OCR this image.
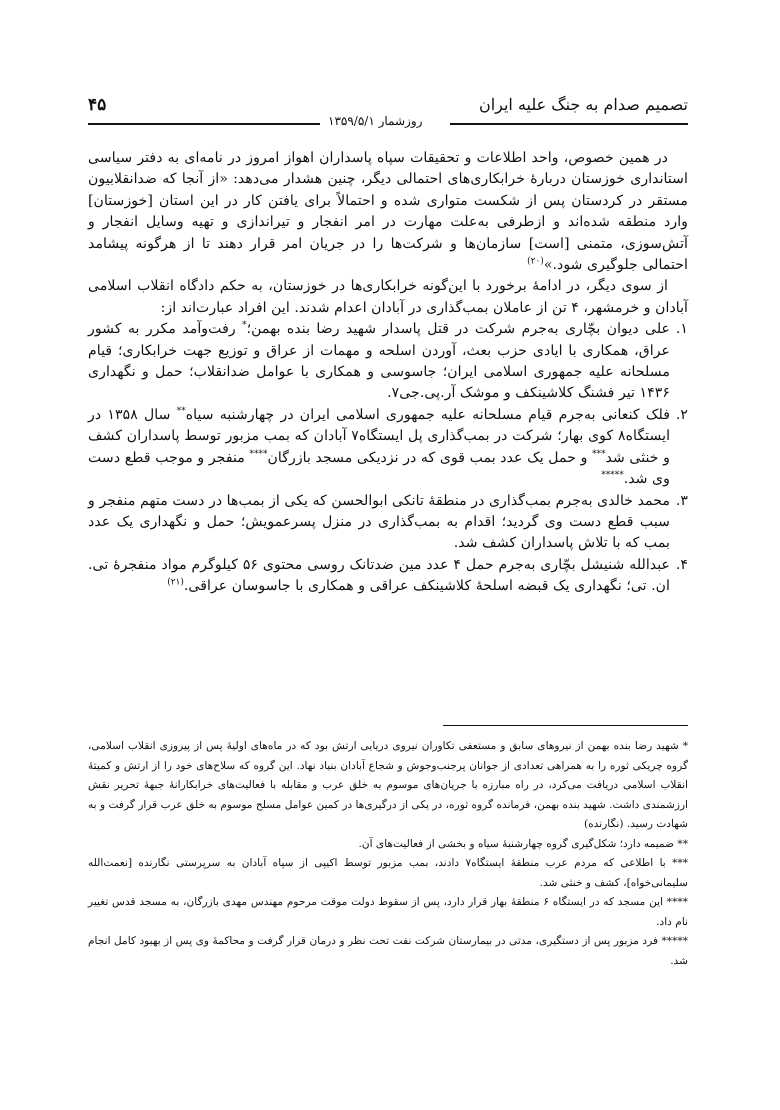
۴۵	تصمیم صدام به جنگ علیه ایران
روزشمار ۱۳۵۹/۵/۱

در همین خصوص، واحد اطلاعات و تحقیقات سپاه پاسداران اهواز امروز در نامه‌ای به دفتر سیاسی استانداری خوزستان دربارهٔ خرابکاری‌های احتمالی دیگر، چنین هشدار می‌دهد: «از آنجا که ضدانقلابیون مستقر در کردستان پس از شکست متواری شده و احتمالاً برای یافتن کار در این استان [خوزستان] وارد منطقه شده‌اند و ازطرفی به‌علت مهارت در امر انفجار و تیراندازی و تهیه وسایل انفجار و آتش‌سوزی، متمنی [است] سازمان‌ها و شرکت‌ها را در جریان امر قرار دهند تا از هرگونه پیشامد احتمالی جلوگیری شود.»$^{(۲۰)}$

از سوی دیگر، در ادامهٔ برخورد با این‌گونه خرابکاری‌ها در خوزستان، به حکم دادگاه انقلاب اسلامی آبادان و خرمشهر، ۴ تن از عاملان بمب‌گذاری در آبادان اعدام شدند. این افراد عبارت‌اند از:

۱.
علی دیوان بچّاری به‌جرم شرکت در قتل پاسدار شهید رضا بنده بهمن؛* رفت‌وآمد مکرر به کشور عراق، همکاری با ایادی حزب بعث، آوردن اسلحه و مهمات از عراق و توزیع جهت خرابکاری؛ قیام مسلحانه علیه جمهوری اسلامی ایران؛ جاسوسی و همکاری با عوامل ضدانقلاب؛ حمل و نگهداری ۱۴۳۶ تیر فشنگ کلاشینکف و موشک آر.پی.جی۷.
۲.
فلک کنعانی به‌جرم قیام مسلحانه علیه جمهوری اسلامی ایران در چهارشنبه سیاه** سال ۱۳۵۸ در ایستگاه۸ کوی بهار؛ شرکت در بمب‌گذاری پل ایستگاه۷ آبادان که بمب مزبور توسط پاسداران کشف و خنثی شد*** و حمل یک عدد بمب قوی که در نزدیکی مسجد بازرگان**** منفجر و موجب قطع دست وی شد.*****
۳.
محمد خالدی به‌جرم بمب‌گذاری در منطقهٔ تانکی ابوالحسن که یکی از بمب‌ها در دست متهم منفجر و سبب قطع دست وی گردید؛ اقدام به بمب‌گذاری در منزل پسرعمویش؛ حمل و نگهداری یک عدد بمب که با تلاش پاسداران کشف شد.
۴.
عبدالله شنیشل بچّاری به‌جرم حمل ۴ عدد مین ضدتانک روسی محتوی ۵۶ کیلوگرم مواد منفجرهٔ تی. ان. تی؛ نگهداری یک قبضه اسلحهٔ کلاشینکف عراقی و همکاری با جاسوسان عراقی.$^{(۲۱)}$

* شهید رضا بنده بهمن از نیروهای سابق و مستعفی تکاوران نیروی دریایی ارتش بود که در ماه‌های اولیهٔ پس از پیروزی انقلاب اسلامی، گروه چریکی ثوره را به همراهی تعدادی از جوانان پرجنب‌وجوش و شجاع آبادان بنیاد نهاد. این گروه که سلاح‌های خود را از ارتش و کمیتهٔ انقلاب اسلامی دریافت می‌کرد، در راه مبارزه با جریان‌های موسوم به خلق عرب و مقابله با فعالیت‌های خرابکارانهٔ جبههٔ تحریر نقش ارزشمندی داشت. شهید بنده بهمن، فرمانده گروه ثوره، در یکی از درگیری‌ها در کمین عوامل مسلح موسوم به خلق عرب قرار گرفت و به شهادت رسید. (نگارنده)

** ضمیمه دارد؛ شکل‌گیری گروه چهارشنبهٔ سیاه و بخشی از فعالیت‌های آن.

*** با اطلاعی که مردم عرب منطقهٔ ایستگاه۷ دادند، بمب مزبور توسط اکیپی از سپاه آبادان به سرپرستی نگارنده [نعمت‌الله سلیمانی‌خواه]، کشف و خنثی شد.

**** این مسجد که در ایستگاه ۶ منطقهٔ بهار قرار دارد، پس از سقوط دولت موقت مرحوم مهندس مهدی بازرگان، به مسجد قدس تغییر نام داد.

***** فرد مزبور پس از دستگیری، مدتی در بیمارستان شرکت نفت تحت نظر و درمان قرار گرفت و محاکمهٔ وی پس از بهبود کامل انجام شد.
